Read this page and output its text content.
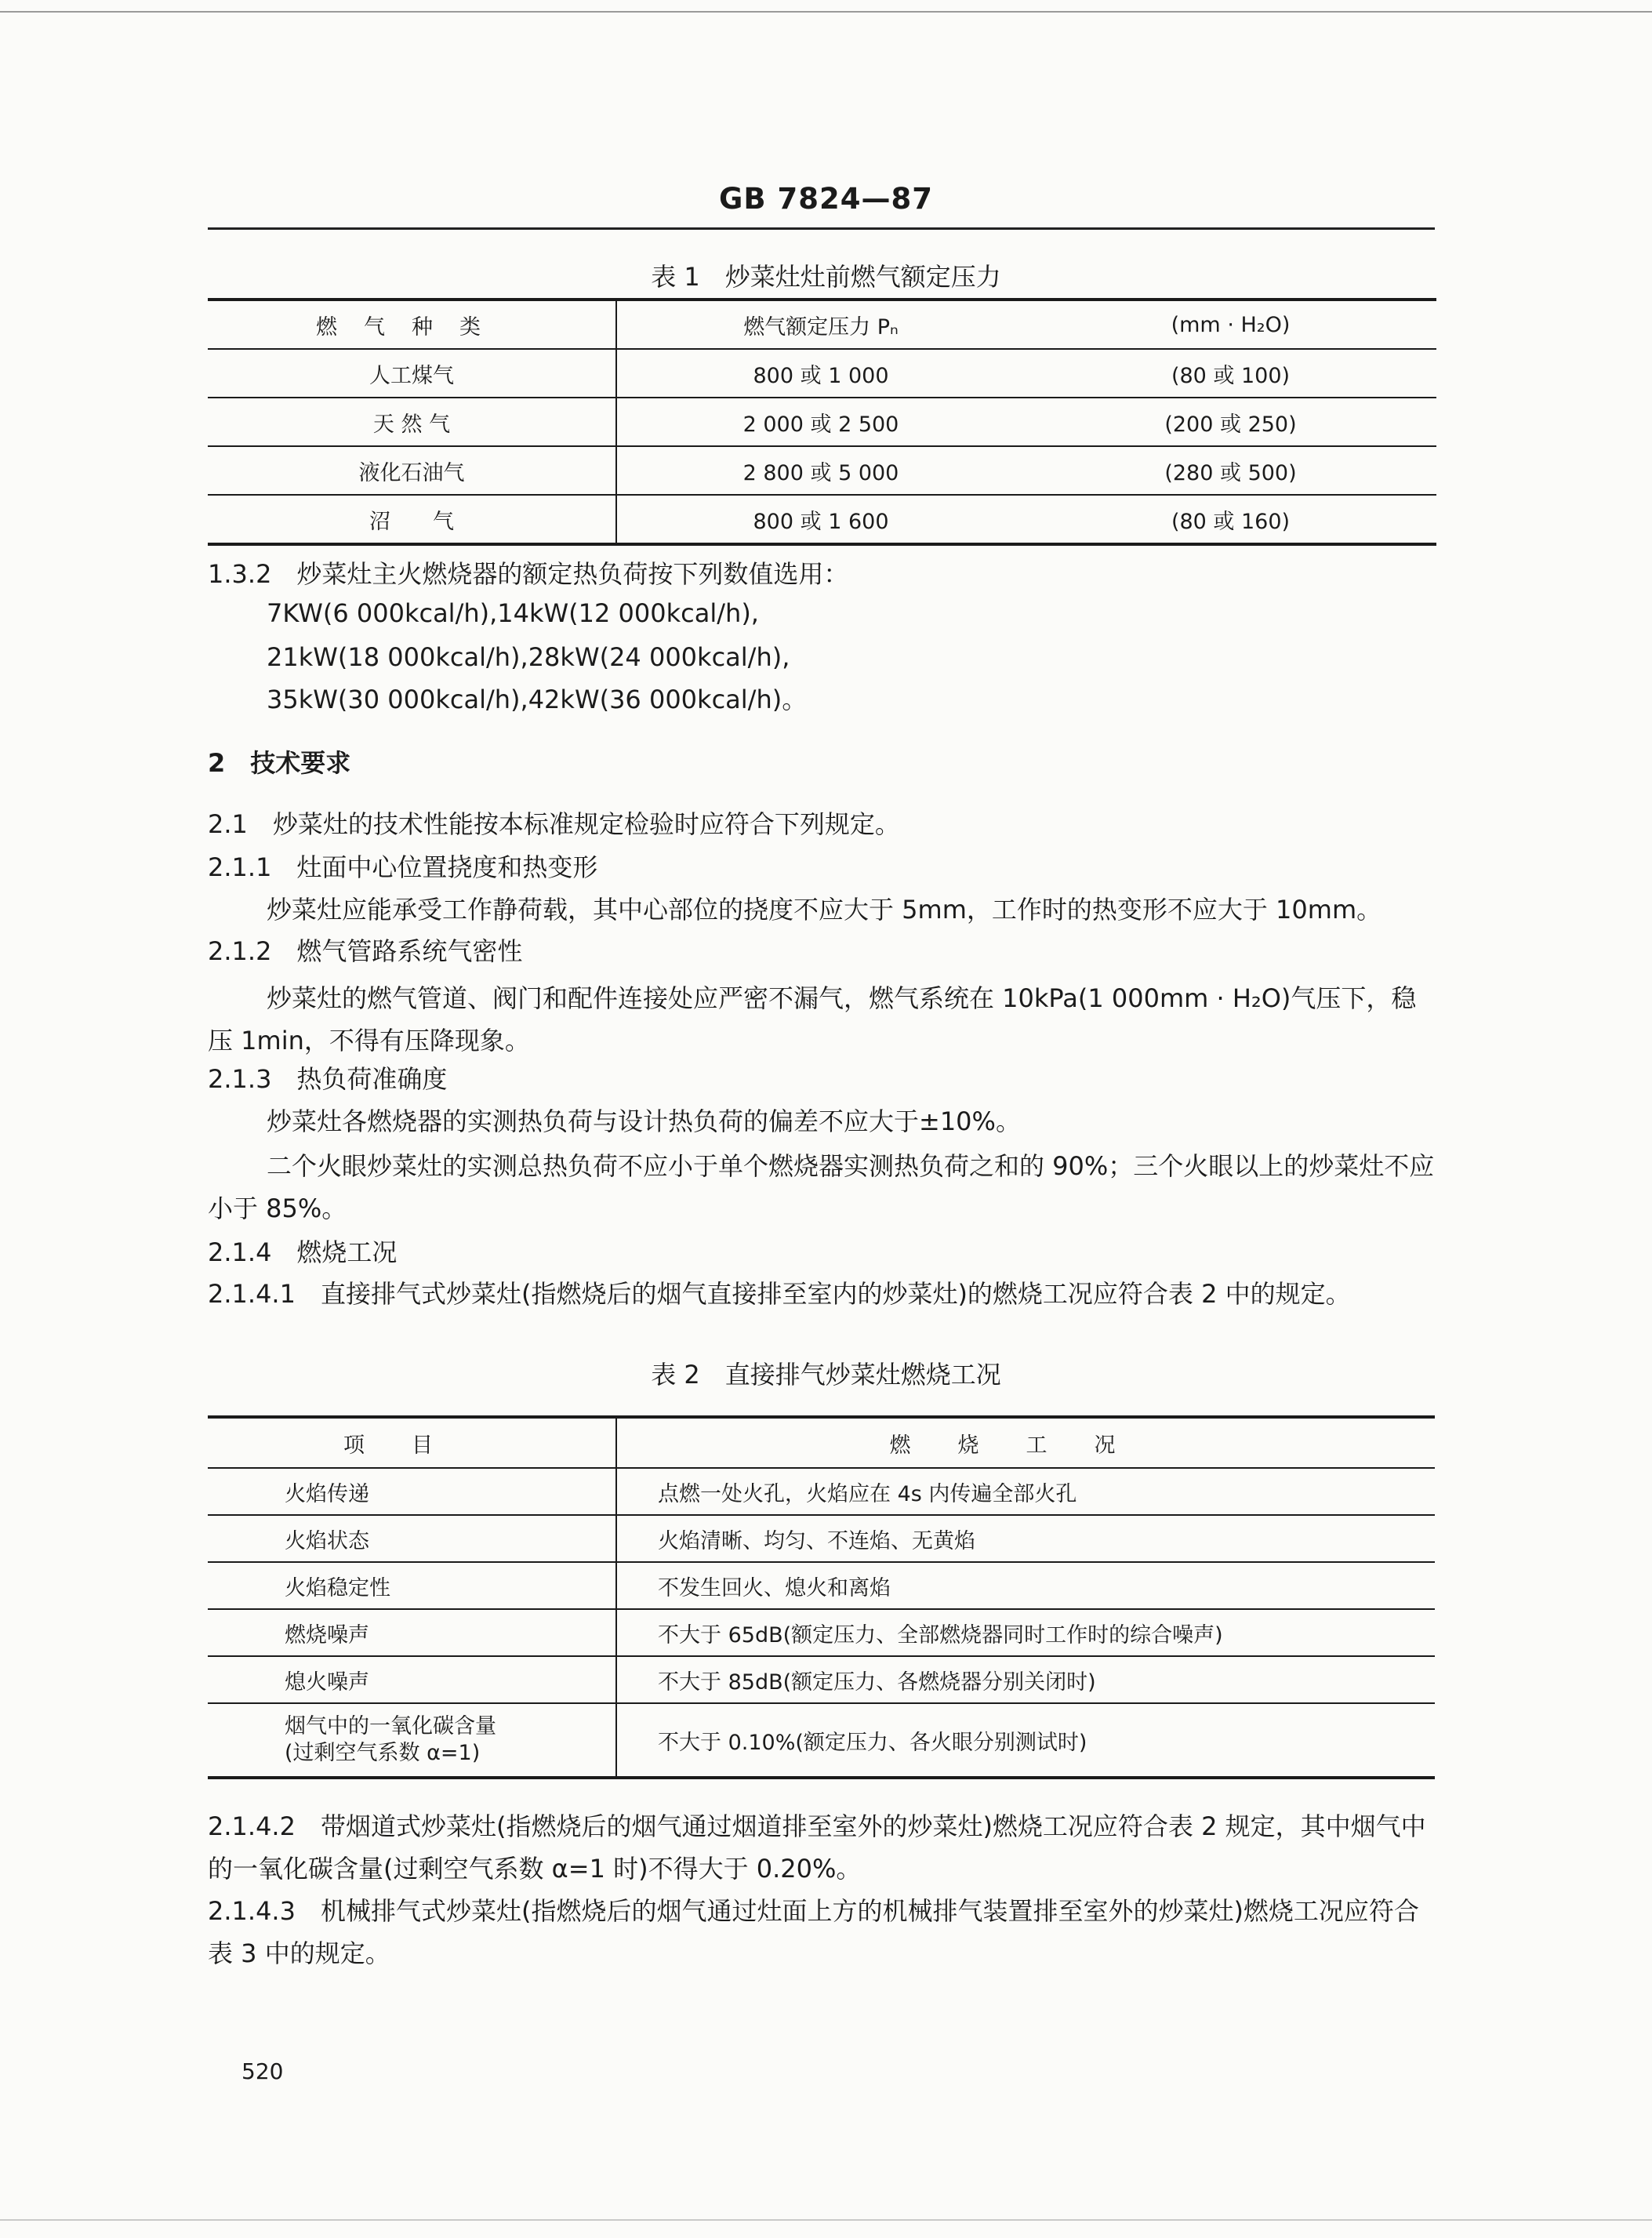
GB 7824—87
表 1　炒菜灶灶前燃气额定压力
燃气种类	燃气额定压力 Pₙ	(mm · H₂O)
人工煤气	800 或 1 000	(80 或 100)
天 然 气	2 000 或 2 500	(200 或 250)
液化石油气	2 800 或 5 000	(280 或 500)
沼　　气	800 或 1 600	(80 或 160)
1.3.2　炒菜灶主火燃烧器的额定热负荷按下列数值选用：
7KW(6 000kcal/h),14kW(12 000kcal/h),
21kW(18 000kcal/h),28kW(24 000kcal/h),
35kW(30 000kcal/h),42kW(36 000kcal/h)。
2　技术要求
2.1　炒菜灶的技术性能按本标准规定检验时应符合下列规定。
2.1.1　灶面中心位置挠度和热变形
炒菜灶应能承受工作静荷载，其中心部位的挠度不应大于 5mm，工作时的热变形不应大于 10mm。
2.1.2　燃气管路系统气密性
炒菜灶的燃气管道、阀门和配件连接处应严密不漏气，燃气系统在 10kPa(1 000mm · H₂O)气压下，稳压 1min，不得有压降现象。
2.1.3　热负荷准确度
炒菜灶各燃烧器的实测热负荷与设计热负荷的偏差不应大于±10%。
二个火眼炒菜灶的实测总热负荷不应小于单个燃烧器实测热负荷之和的 90%；三个火眼以上的炒菜灶不应小于 85%。
2.1.4　燃烧工况
2.1.4.1　直接排气式炒菜灶(指燃烧后的烟气直接排至室内的炒菜灶)的燃烧工况应符合表 2 中的规定。
表 2　直接排气炒菜灶燃烧工况
项目	燃烧工况
火焰传递	点燃一处火孔，火焰应在 4s 内传遍全部火孔
火焰状态	火焰清晰、均匀、不连焰、无黄焰
火焰稳定性	不发生回火、熄火和离焰
燃烧噪声	不大于 65dB(额定压力、全部燃烧器同时工作时的综合噪声)
熄火噪声	不大于 85dB(额定压力、各燃烧器分别关闭时)

烟气中的一氧化碳含量
(过剩空气系数 α=1)	不大于 0.10%(额定压力、各火眼分别测试时)
2.1.4.2　带烟道式炒菜灶(指燃烧后的烟气通过烟道排至室外的炒菜灶)燃烧工况应符合表 2 规定，其中烟气中的一氧化碳含量(过剩空气系数 α=1 时)不得大于 0.20%。
2.1.4.3　机械排气式炒菜灶(指燃烧后的烟气通过灶面上方的机械排气装置排至室外的炒菜灶)燃烧工况应符合表 3 中的规定。
520
